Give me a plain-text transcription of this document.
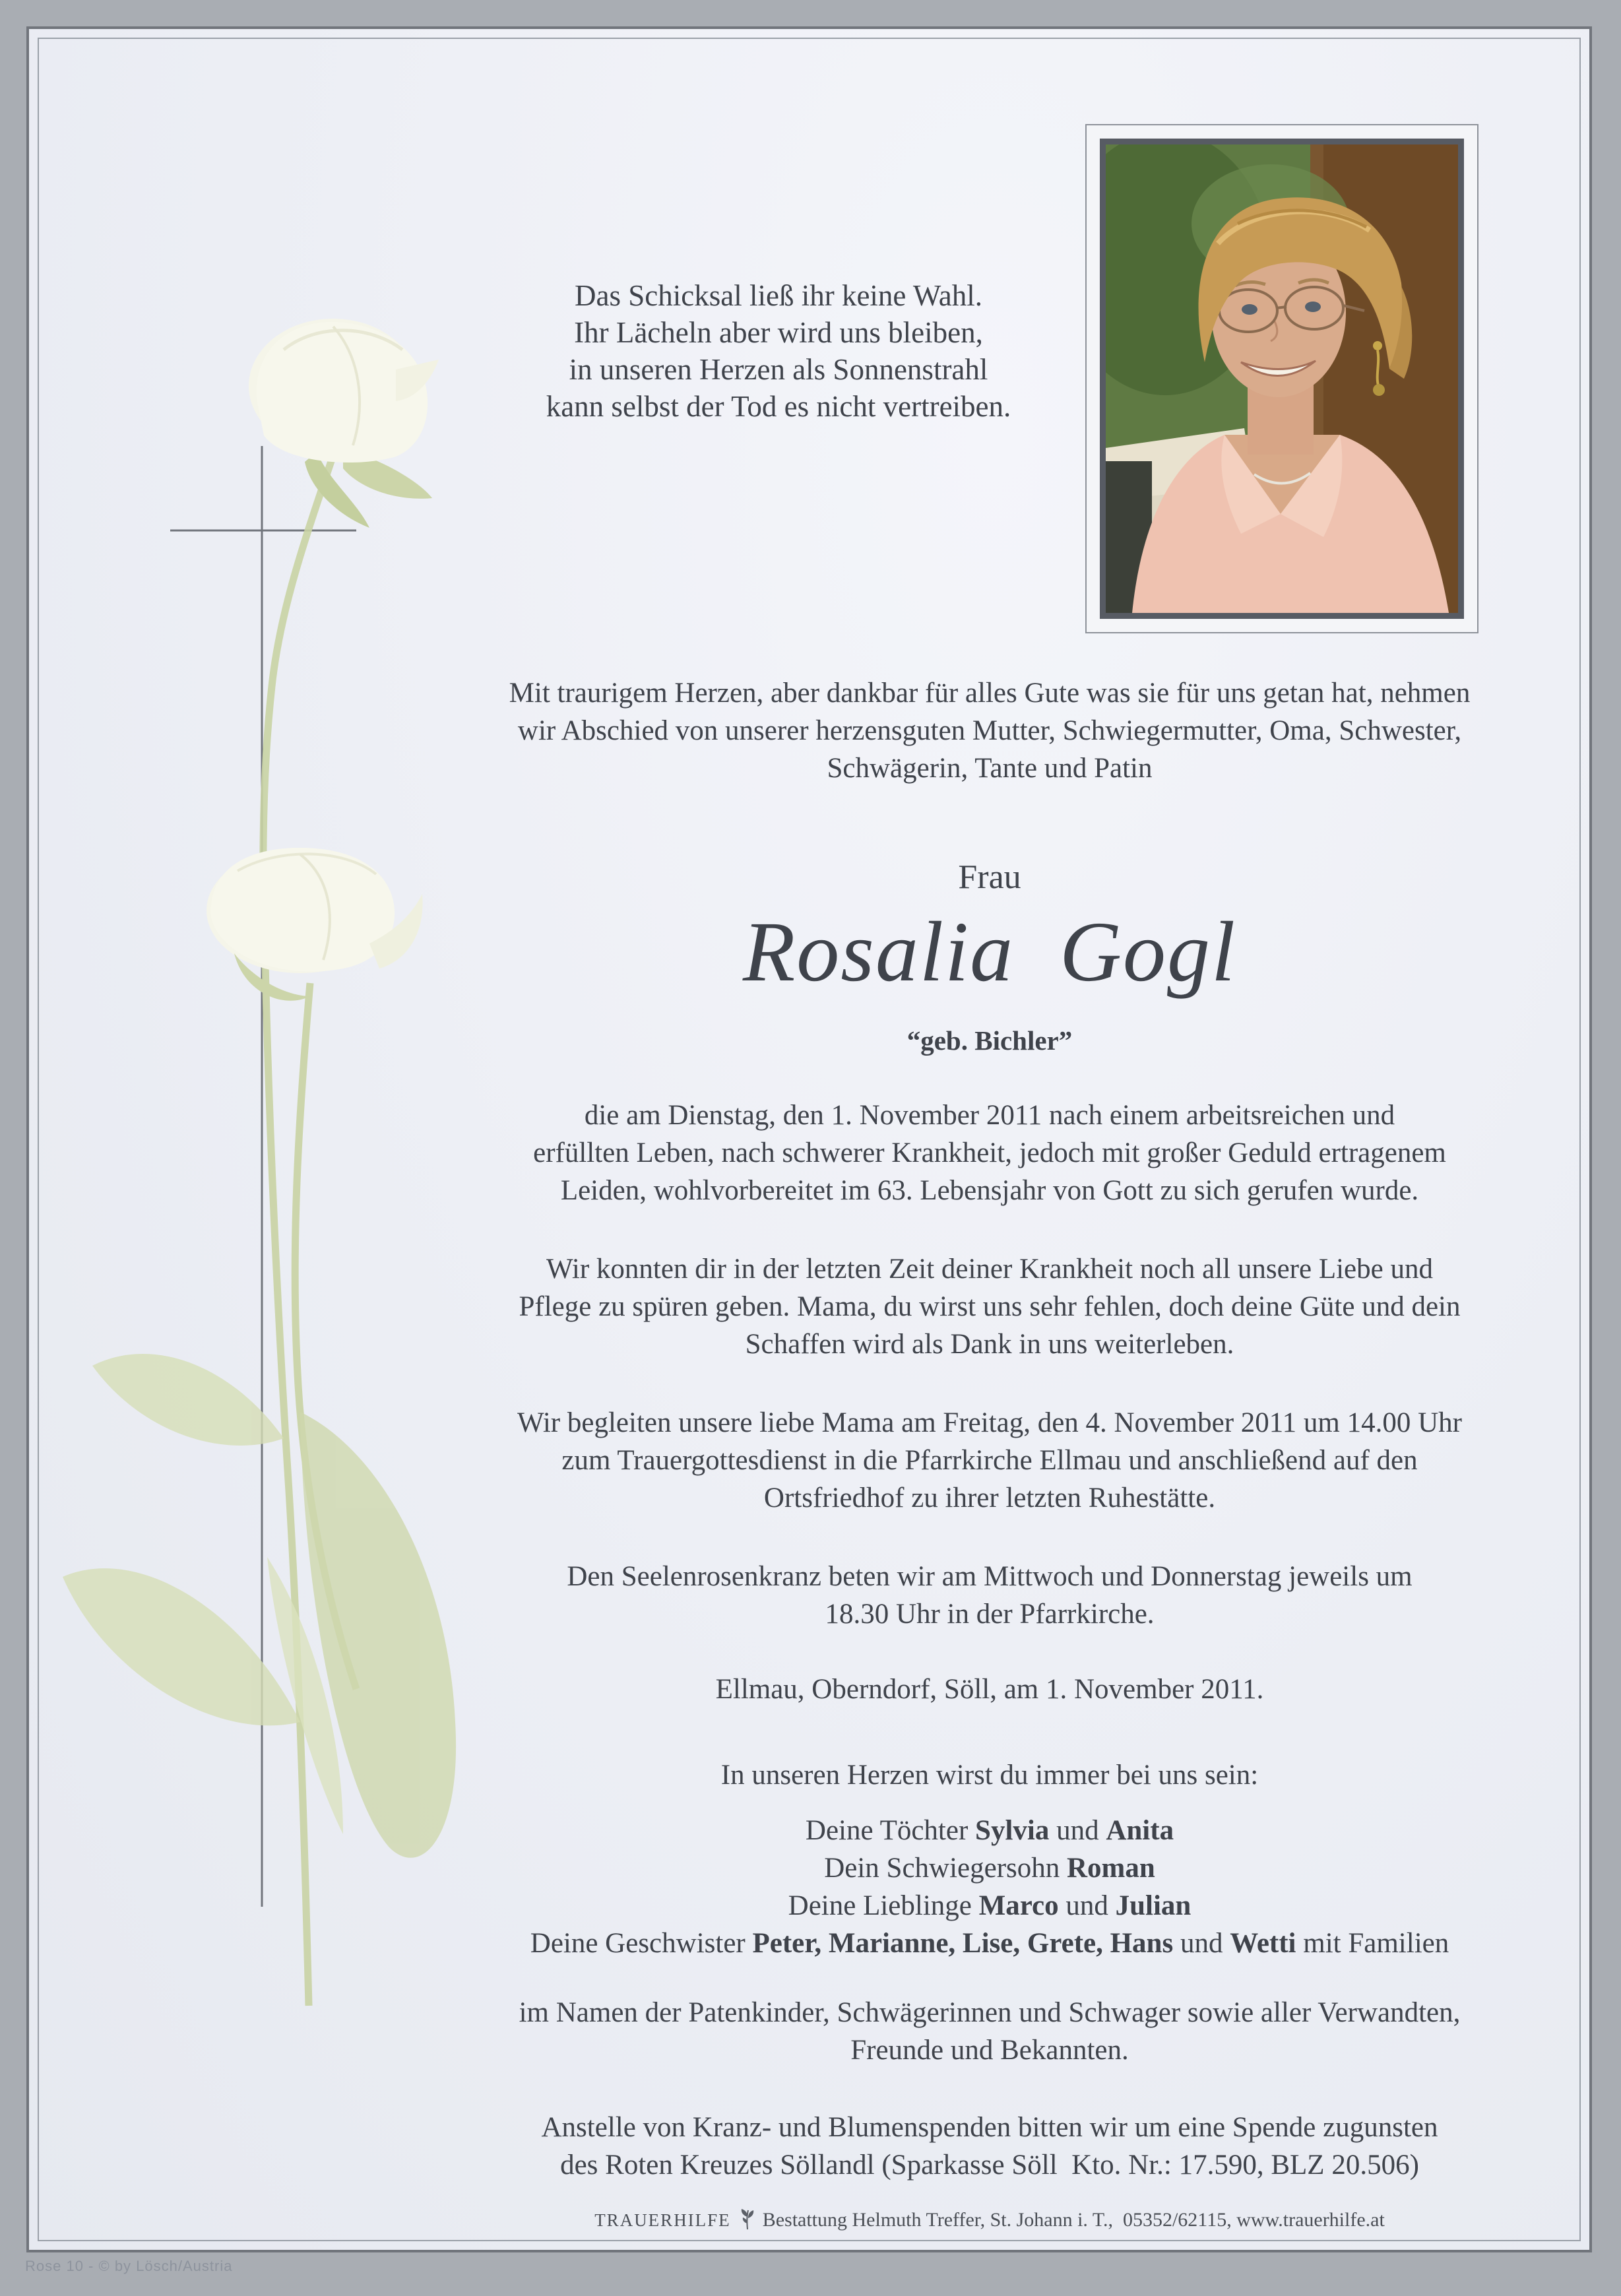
Das Schicksal ließ ihr keine Wahl.
Ihr Lächeln aber wird uns bleiben,
in unseren Herzen als Sonnenstrahl
kann selbst der Tod es nicht vertreiben.
Mit traurigem Herzen, aber dankbar für alles Gute was sie für uns getan hat, nehmen
wir Abschied von unserer herzensguten Mutter, Schwiegermutter, Oma, Schwester,
Schwägerin, Tante und Patin
Frau
Rosalia  Gogl
“geb. Bichler”
die am Dienstag, den 1. November 2011 nach einem arbeitsreichen und
erfüllten Leben, nach schwerer Krankheit, jedoch mit großer Geduld ertragenem
Leiden, wohlvorbereitet im 63. Lebensjahr von Gott zu sich gerufen wurde.
Wir konnten dir in der letzten Zeit deiner Krankheit noch all unsere Liebe und
Pflege zu spüren geben. Mama, du wirst uns sehr fehlen, doch deine Güte und dein
Schaffen wird als Dank in uns weiterleben.
Wir begleiten unsere liebe Mama am Freitag, den 4. November 2011 um 14.00 Uhr
zum Trauergottesdienst in die Pfarrkirche Ellmau und anschließend auf den
Ortsfriedhof zu ihrer letzten Ruhestätte.
Den Seelenrosenkranz beten wir am Mittwoch und Donnerstag jeweils um
18.30 Uhr in der Pfarrkirche.
Ellmau, Oberndorf, Söll, am 1. November 2011.
In unseren Herzen wirst du immer bei uns sein:
Deine Töchter Sylvia und Anita
Dein Schwiegersohn Roman
Deine Lieblinge Marco und Julian
Deine Geschwister Peter, Marianne, Lise, Grete, Hans und Wetti mit Familien
im Namen der Patenkinder, Schwägerinnen und Schwager sowie aller Verwandten,
Freunde und Bekannten.
Anstelle von Kranz- und Blumenspenden bitten wir um eine Spende zugunsten
des Roten Kreuzes Söllandl (Sparkasse Söll  Kto. Nr.: 17.590, BLZ 20.506)
TRAUERHILFE Bestattung Helmuth Treffer, St. Johann i. T.,  05352/62115, www.trauerhilfe.at
Rose 10 - © by Lösch/Austria
